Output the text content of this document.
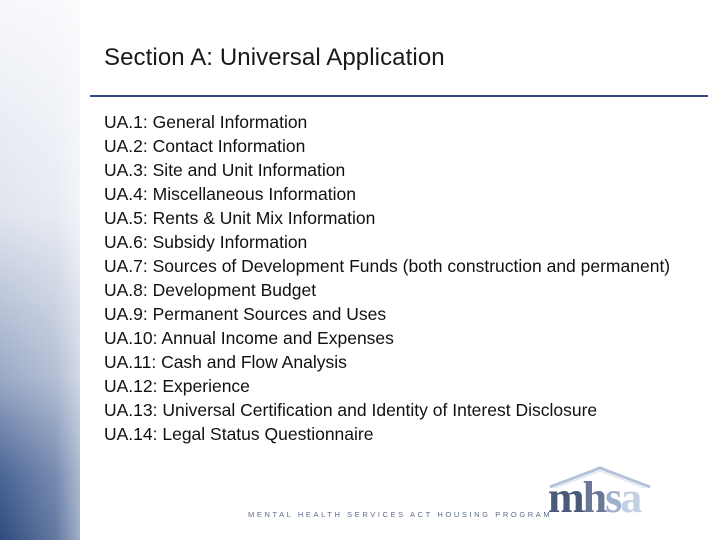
Section A: Universal Application
UA.1: General Information
UA.2: Contact Information
UA.3: Site and Unit Information
UA.4: Miscellaneous Information
UA.5: Rents & Unit Mix Information
UA.6: Subsidy Information
UA.7: Sources of Development Funds (both construction and permanent)
UA.8: Development Budget
UA.9: Permanent Sources and Uses
UA.10: Annual Income and Expenses
UA.11: Cash and Flow Analysis
UA.12: Experience
UA.13: Universal Certification and Identity of Interest Disclosure
UA.14: Legal Status Questionnaire
mhsa
MENTAL HEALTH SERVICES ACT HOUSING PROGRAM
